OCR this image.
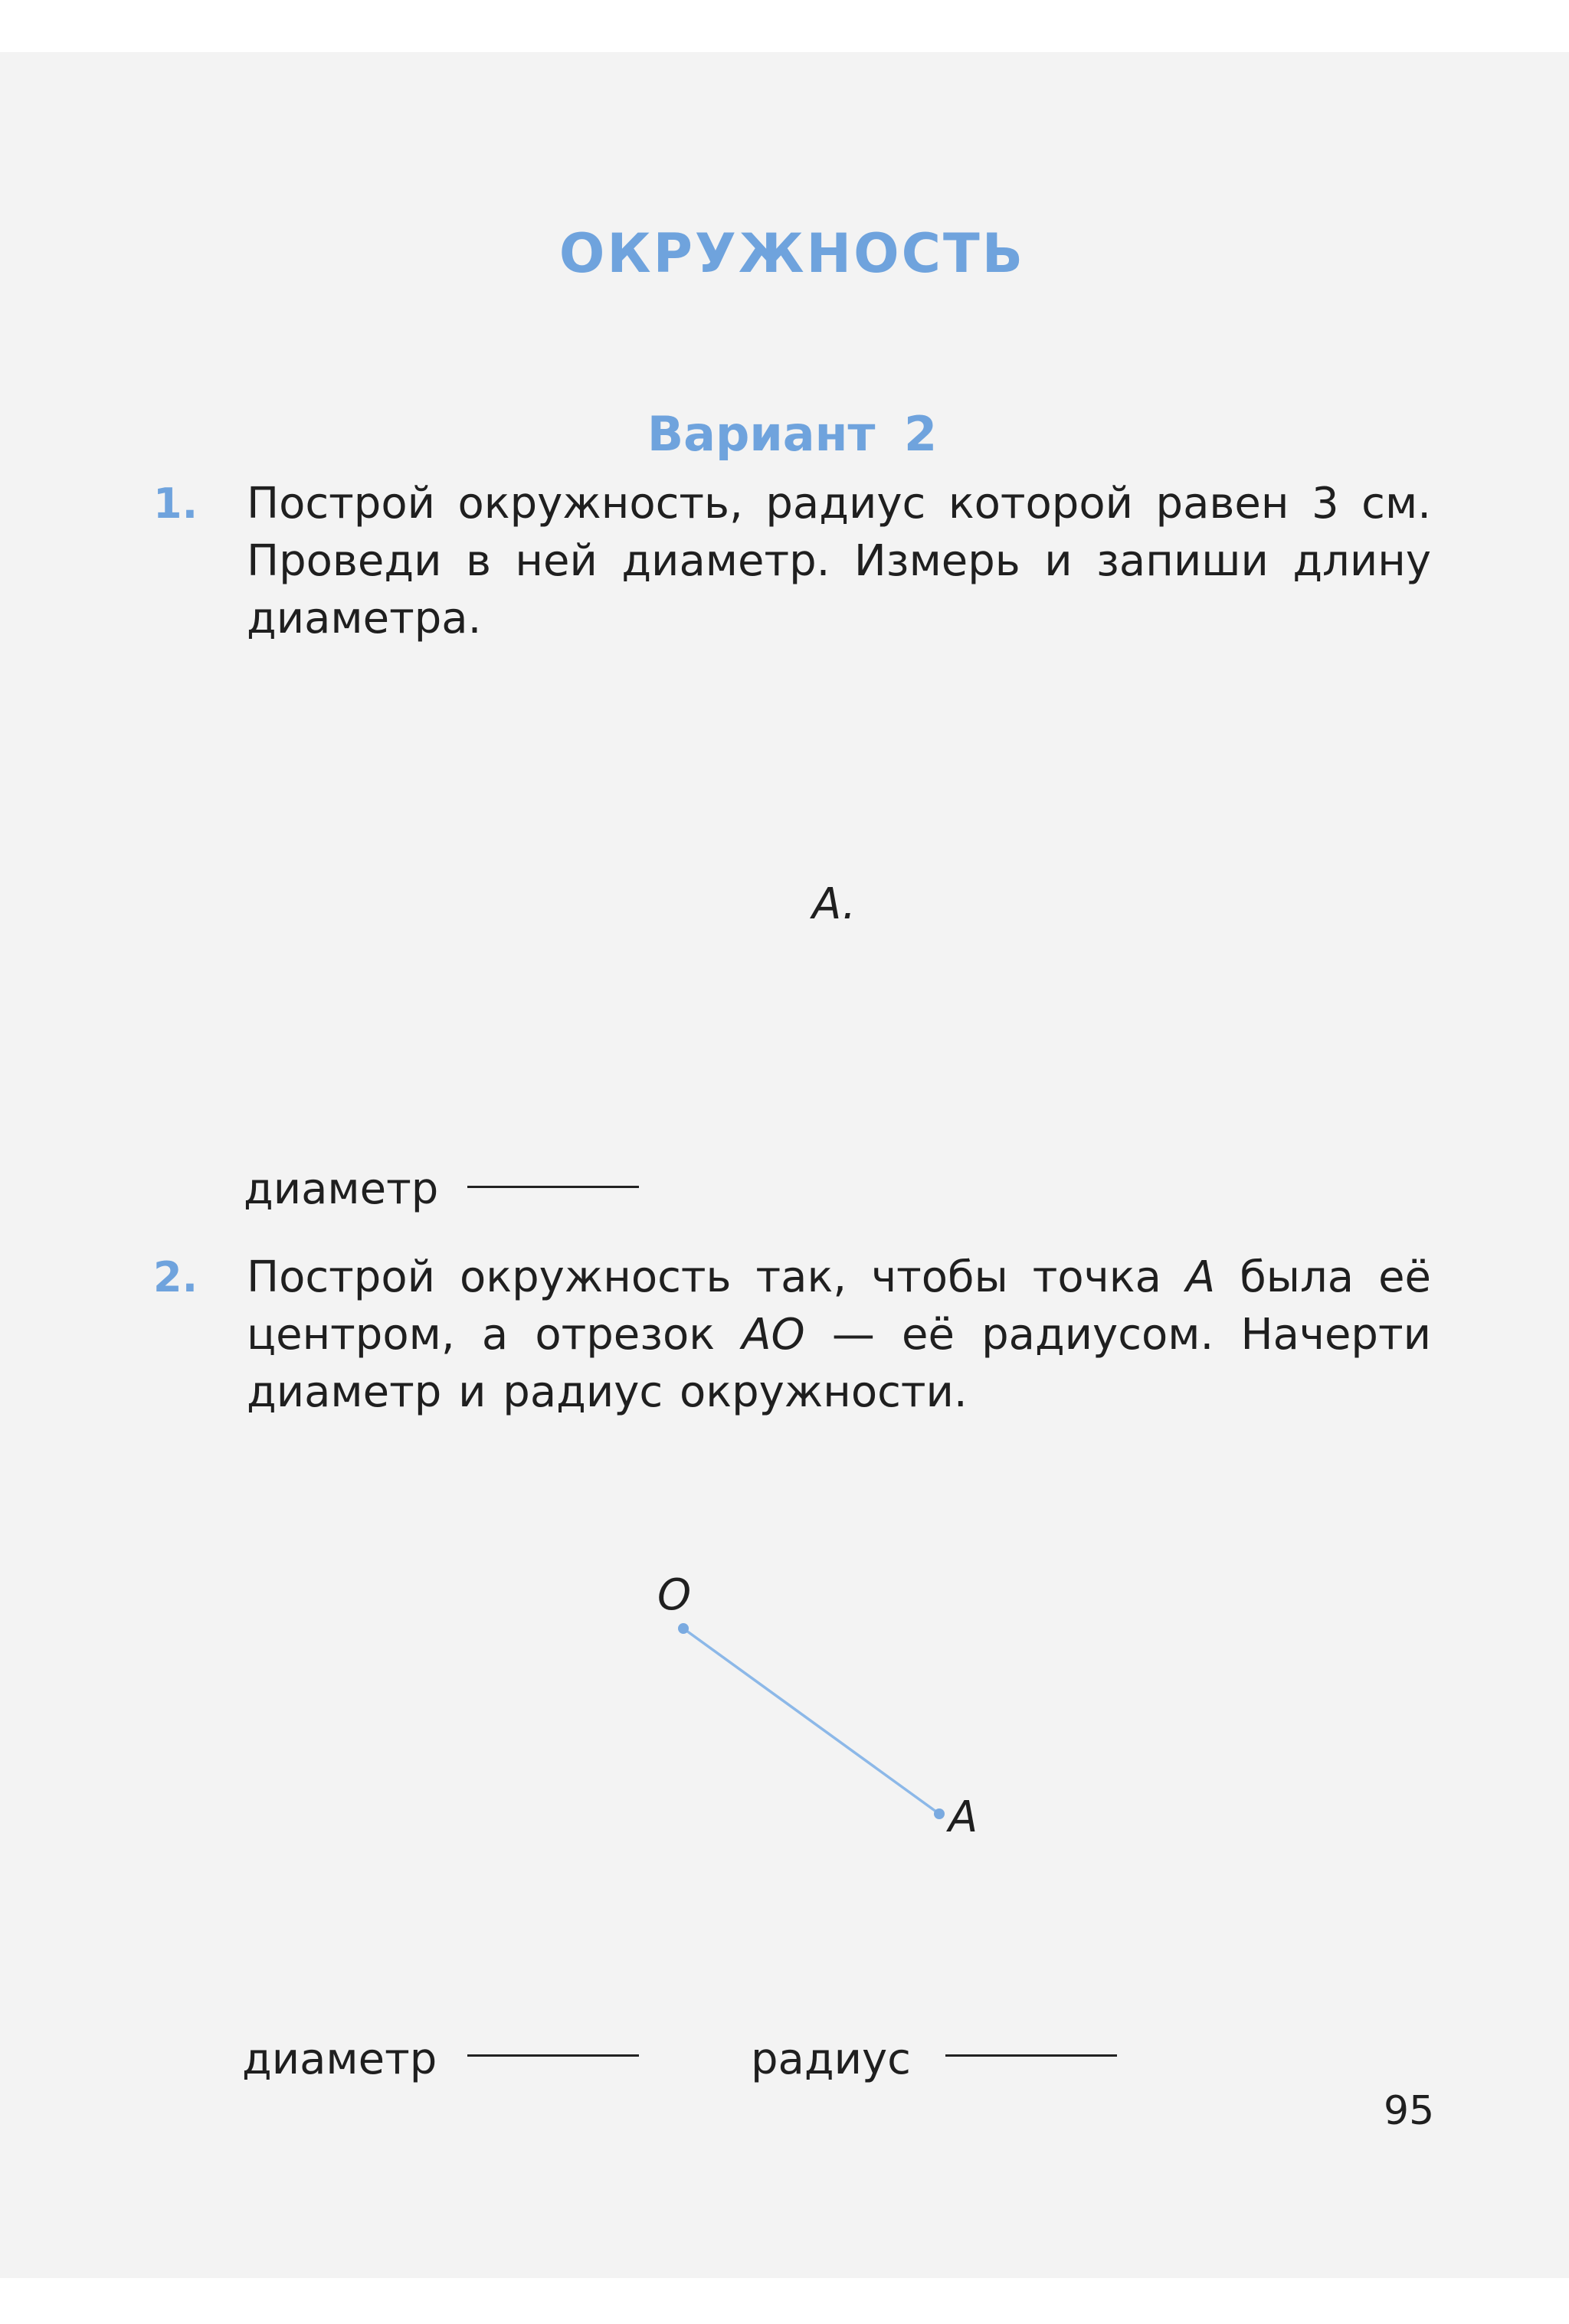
ОКРУЖНОСТЬ
Вариант 2
1. Построй окружность, радиус которой равен 3 см. Проведи в ней диаметр. Измерь и запиши длину диаметра.
A.
диаметр
2. Построй окружность так, чтобы точка A была её центром, а отрезок AO — её радиусом. Начерти диаметр и радиус окружности.
O
A
диаметр	радиус
95
